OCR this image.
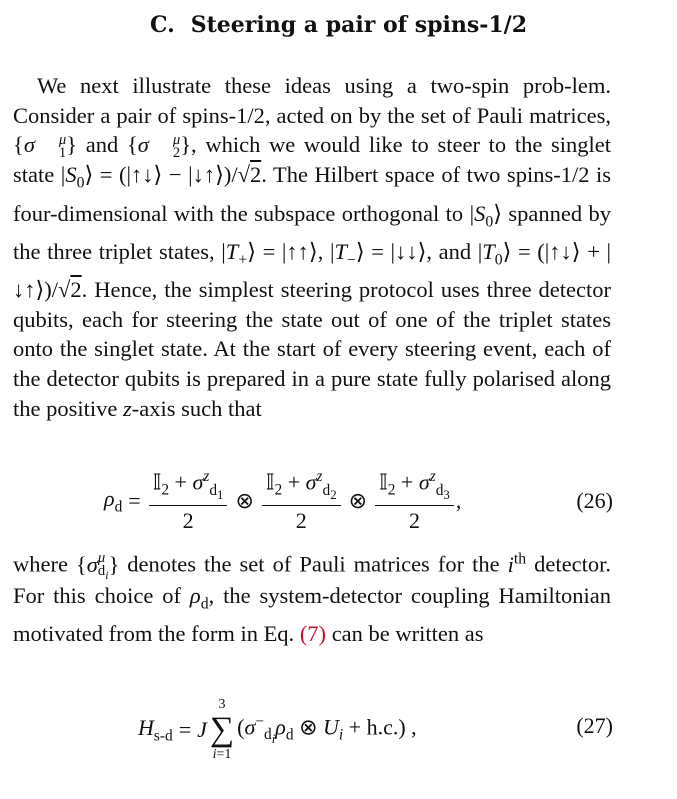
C. Steering a pair of spins-1/2

We next illustrate these ideas using a two-spin prob-lem. Consider a pair of spins-1/2, acted on by the set of Pauli matrices, {σ	μ
1 } and {σ	μ
2 }, which we would like to steer to the singlet state $|S_0⟩$ = (|↑↓⟩ − |↓↑⟩)/√2. The Hilbert space of two spins-1/2 is four-dimensional with the subspace orthogonal to $|S_0⟩$ spanned by the three triplet states, $|T_+⟩$ = |↑↑⟩, $|T_-⟩$ = |↓↓⟩, and $|T_0⟩$ = (|↑↓⟩ + |↓↑⟩)/√2. Hence, the simplest steering protocol uses three detector qubits, each for steering the state out of one of the triplet states onto the singlet state. At the start of every steering event, each of the detector qubits is prepared in a pure state fully polarised along the positive z-axis such that

$\rho_d = \frac{𝕀_2 + \sigma^z_{d_1}}{2}$ ⊗ $\frac{𝕀_2 + \sigma^z_{d_2}}{2}$ ⊗ $\frac{𝕀_2 + \sigma^z_{d_3}}{2}$ ,	(26)

where {σ μ
$d_i$ } denotes the set of Pauli matrices for the $i^{th}$ detector. For this choice of $\rho_d$, the system-detector coupling Hamiltonian motivated from the form in Eq. (7) can be written as

$H_{s-d} = J$
3
∑
i=1
($\sigma^-_{d_i}\rho_d$ ⊗ $U_i + h.c$.) ,	(27)
